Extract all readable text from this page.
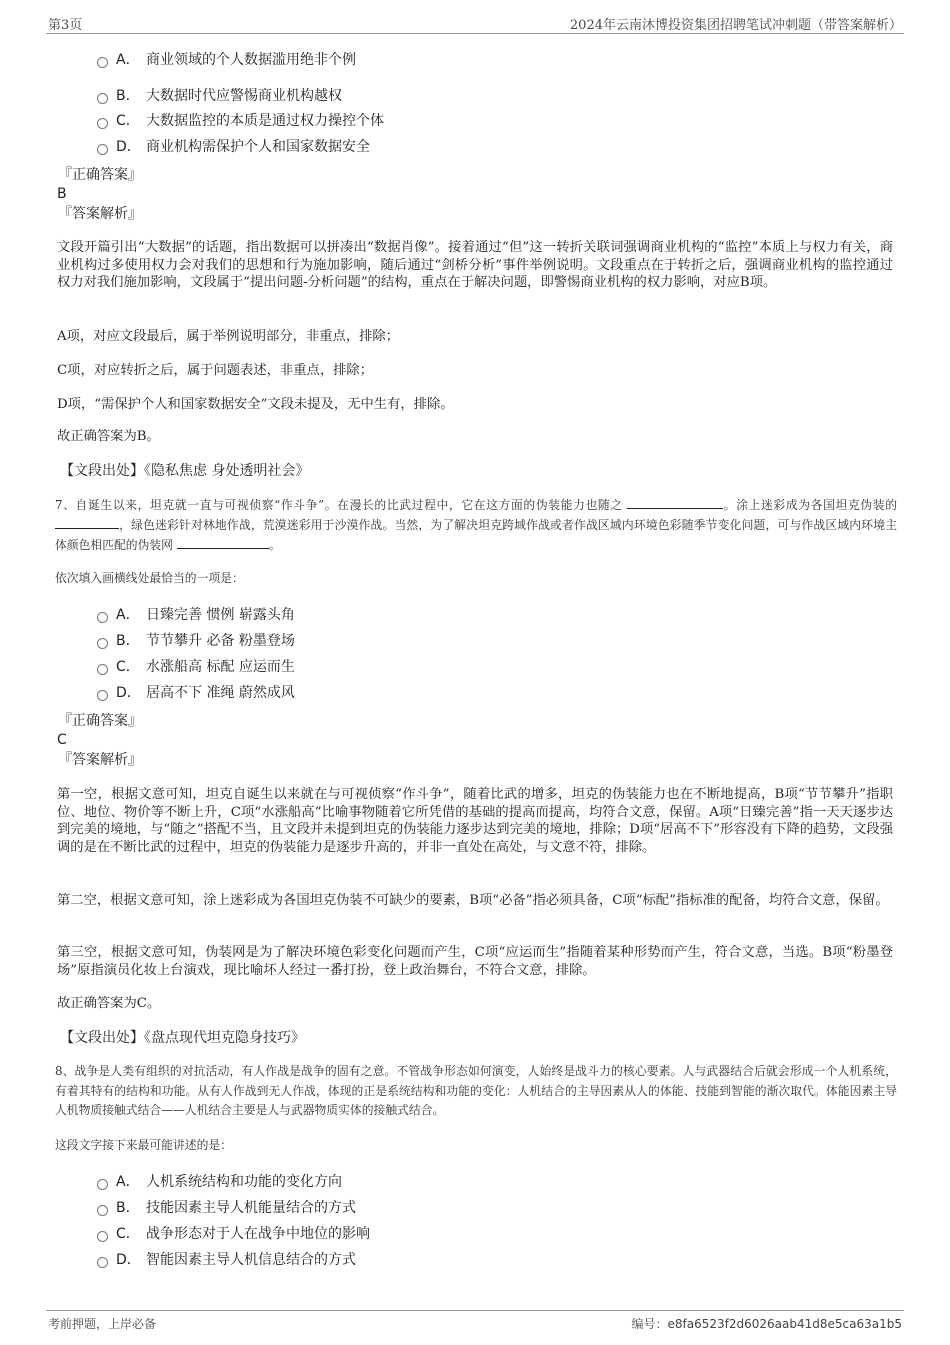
第3页	2024年云南沐博投资集团招聘笔试冲刺题（带答案解析）
A． 商业领域的个人数据滥用绝非个例
B． 大数据时代应警惕商业机构越权
C． 大数据监控的本质是通过权力操控个体
D． 商业机构需保护个人和国家数据安全
『正确答案』
B
『答案解析』
文段开篇引出“大数据”的话题，指出数据可以拼凑出“数据肖像”。接着通过“但”这一转折关联词强调商业机构的“监控”本质上与权力有关，商业机构过多使用权力会对我们的思想和行为施加影响，随后通过“剑桥分析”事件举例说明。文段重点在于转折之后，强调商业机构的监控通过权力对我们施加影响，文段属于“提出问题-分析问题”的结构，重点在于解决问题，即警惕商业机构的权力影响，对应B项。
A项，对应文段最后，属于举例说明部分，非重点，排除；
C项，对应转折之后，属于问题表述，非重点，排除；
D项，“需保护个人和国家数据安全”文段未提及，无中生有，排除。
故正确答案为B。
【文段出处】《隐私焦虑 身处透明社会》
7、自诞生以来，坦克就一直与可视侦察“作斗争”。在漫长的比武过程中，它在这方面的伪装能力也随之	。涂上迷彩成为各国坦克伪装的 ，绿色迷彩针对林地作战，荒漠迷彩用于沙漠作战。当然，为了解决坦克跨域作战或者作战区域内环境色彩随季节变化问题，可与作战区域内环境主体颜色相匹配的伪装网	。
依次填入画横线处最恰当的一项是：
A． 日臻完善 惯例 崭露头角
B． 节节攀升 必备 粉墨登场
C． 水涨船高 标配 应运而生
D． 居高不下 准绳 蔚然成风
『正确答案』
C
『答案解析』
第一空，根据文意可知，坦克自诞生以来就在与可视侦察“作斗争”，随着比武的增多，坦克的伪装能力也在不断地提高，B项“节节攀升”指职位、地位、物价等不断上升，C项“水涨船高”比喻事物随着它所凭借的基础的提高而提高，均符合文意，保留。A项“日臻完善”指一天天逐步达到完美的境地，与“随之”搭配不当，且文段并未提到坦克的伪装能力逐步达到完美的境地，排除；D项“居高不下”形容没有下降的趋势，文段强调的是在不断比武的过程中，坦克的伪装能力是逐步升高的，并非一直处在高处，与文意不符，排除。
第二空，根据文意可知，涂上迷彩成为各国坦克伪装不可缺少的要素，B项“必备”指必须具备，C项“标配”指标准的配备，均符合文意，保留。
第三空，根据文意可知，伪装网是为了解决环境色彩变化问题而产生，C项“应运而生”指随着某种形势而产生，符合文意，当选。B项“粉墨登场”原指演员化妆上台演戏，现比喻坏人经过一番打扮，登上政治舞台，不符合文意，排除。
故正确答案为C。
【文段出处】《盘点现代坦克隐身技巧》
8、战争是人类有组织的对抗活动，有人作战是战争的固有之意。不管战争形态如何演变，人始终是战斗力的核心要素。人与武器结合后就会形成一个人机系统，有着其特有的结构和功能。从有人作战到无人作战，体现的正是系统结构和功能的变化：人机结合的主导因素从人的体能、技能到智能的渐次取代。体能因素主导人机物质接触式结合——人机结合主要是人与武器物质实体的接触式结合。
这段文字接下来最可能讲述的是：
A． 人机系统结构和功能的变化方向
B． 技能因素主导人机能量结合的方式
C． 战争形态对于人在战争中地位的影响
D． 智能因素主导人机信息结合的方式
考前押题，上岸必备	编号：e8fa6523f2d6026aab41d8e5ca63a1b5
